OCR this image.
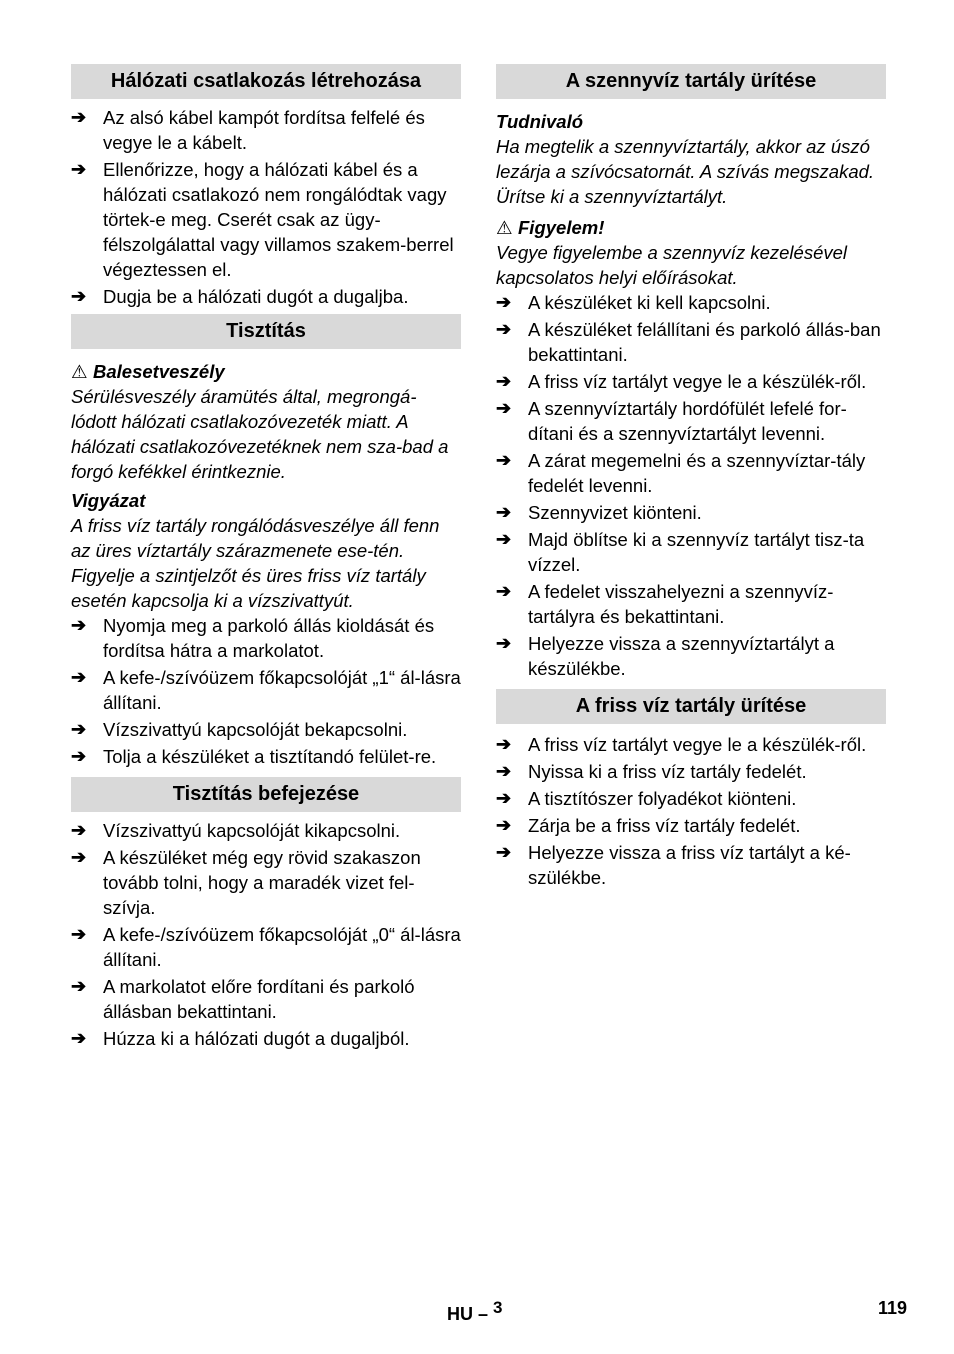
Hálózati csatlakozás létrehozása
➔ Az alsó kábel kampót fordítsa felfelé és vegye le a kábelt.
➔ Ellenőrizze, hogy a hálózati kábel és a hálózati csatlakozó nem rongálódtak vagy törtek-e meg. Cserét csak az ügy-félszolgálattal vagy villamos szakem-berrel végeztessen el.
➔ Dugja be a hálózati dugót a dugaljba.
Tisztítás

⚠ Balesetveszély

Sérülésveszély áramütés által, megrongá-lódott hálózati csatlakozóvezeték miatt. A hálózati csatlakozóvezetéknek nem sza-bad a forgó kefékkel érintkeznie.

Vigyázat

A friss víz tartály rongálódásveszélye áll fenn az üres víztartály szárazmenete ese-tén. Figyelje a szintjelzőt és üres friss víz tartály esetén kapcsolja ki a vízszivattyút.

➔ Nyomja meg a parkoló állás kioldását és fordítsa hátra a markolatot.
➔ A kefe-/szívóüzem főkapcsolóját „1“ ál-lásra állítani.
➔ Vízszivattyú kapcsolóját bekapcsolni.
➔ Tolja a készüléket a tisztítandó felület-re.
Tisztítás befejezése
➔ Vízszivattyú kapcsolóját kikapcsolni.
➔ A készüléket még egy rövid szakaszon tovább tolni, hogy a maradék vizet fel-szívja.
➔ A kefe-/szívóüzem főkapcsolóját „0“ ál-lásra állítani.
➔ A markolatot előre fordítani és parkoló állásban bekattintani.
➔ Húzza ki a hálózati dugót a dugaljból.
A szennyvíz tartály ürítése

Tudnivaló

Ha megtelik a szennyvíztartály, akkor az úszó lezárja a szívócsatornát. A szívás megszakad. Ürítse ki a szennyvíztartályt.

⚠ Figyelem!

Vegye figyelembe a szennyvíz kezelésével kapcsolatos helyi előírásokat.

➔ A készüléket ki kell kapcsolni.
➔ A készüléket felállítani és parkoló állás-ban bekattintani.
➔ A friss víz tartályt vegye le a készülék-ről.
➔ A szennyvíztartály hordófülét lefelé for-dítani és a szennyvíztartályt levenni.
➔ A zárat megemelni és a szennyvíztar-tály fedelét levenni.
➔ Szennyvizet kiönteni.
➔ Majd öblítse ki a szennyvíz tartályt tisz-ta vízzel.
➔ A fedelet visszahelyezni a szennyvíz-tartályra és bekattintani.
➔ Helyezze vissza a szennyvíztartályt a készülékbe.
A friss víz tartály ürítése
➔ A friss víz tartályt vegye le a készülék-ről.
➔ Nyissa ki a friss víz tartály fedelét.
➔ A tisztítószer folyadékot kiönteni.
➔ Zárja be a friss víz tartály fedelét.
➔ Helyezze vissza a friss víz tartályt a ké-szülékbe.
HU – $^3$	119
